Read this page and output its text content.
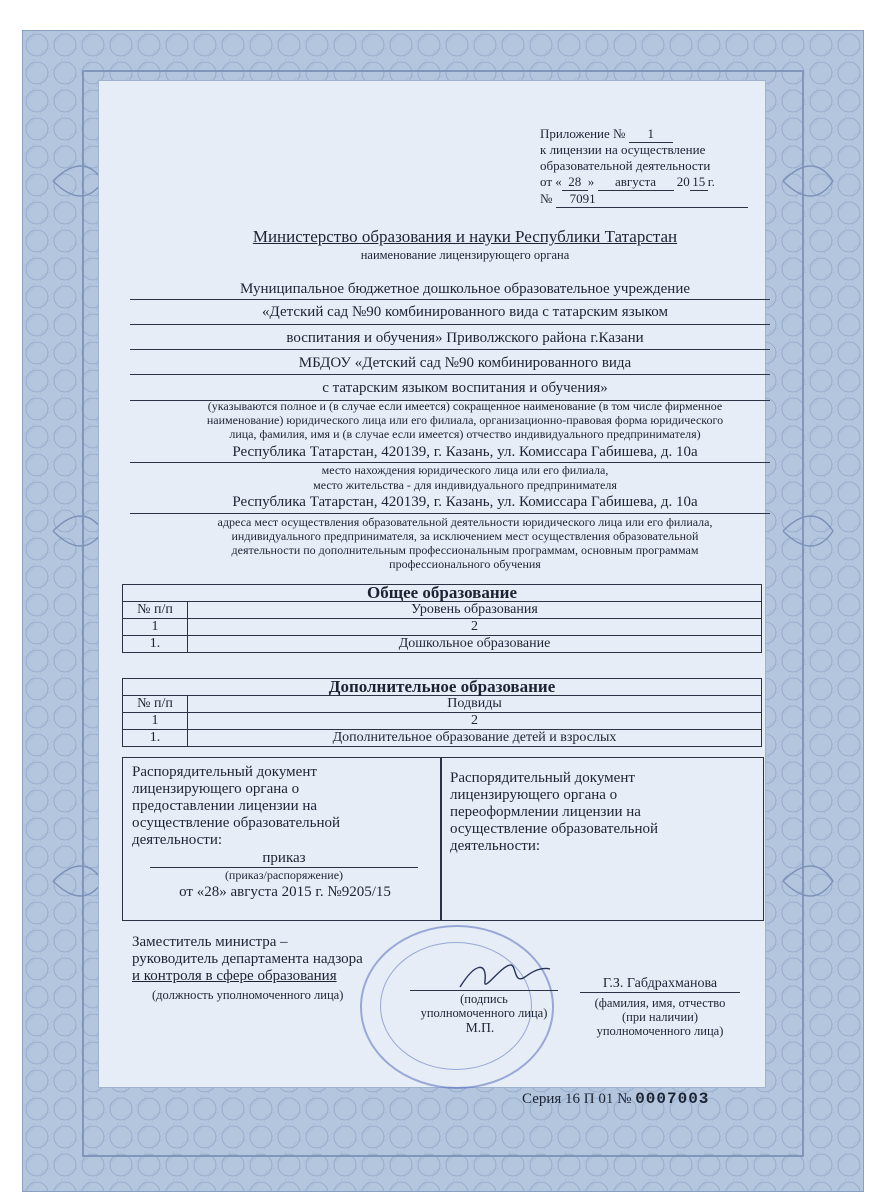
Приложение № 1
к лицензии на осуществление
образовательной деятельности
от « 28 » августа 20 15 г.
№ 7091
Министерство образования и науки Республики Татарстан
наименование лицензирующего органа
Муниципальное бюджетное дошкольное образовательное учреждение
«Детский сад №90 комбинированного вида с татарским языком
воспитания и обучения» Приволжского района г.Казани
МБДОУ «Детский сад №90 комбинированного вида
с татарским языком воспитания и обучения»
(указываются полное и (в случае если имеется) сокращенное наименование (в том числе фирменное
наименование) юридического лица или его филиала, организационно-правовая форма юридического
лица, фамилия, имя и (в случае если имеется) отчество индивидуального предпринимателя)
Республика Татарстан, 420139, г. Казань, ул. Комиссара Габишева, д. 10а
место нахождения юридического лица или его филиала,
место жительства - для индивидуального предпринимателя
Республика Татарстан, 420139, г. Казань, ул. Комиссара Габишева, д. 10а
адреса мест осуществления образовательной деятельности юридического лица или его филиала,
индивидуального предпринимателя, за исключением мест осуществления образовательной
деятельности по дополнительным профессиональным программам, основным программам
профессионального обучения
Общее образование	
№ п/п	Уровень образования
1	2
1.	Дошкольное образование
Дополнительное образование	
№ п/п	Подвиды
1	2
1.	Дополнительное образование детей и взрослых
Распорядительный документ
лицензирующего органа о
предоставлении лицензии на
осуществление образовательной
деятельности:
приказ
(приказ/распоряжение)
от «28» августа 2015 г. №9205/15
Распорядительный документ
лицензирующего органа о
переоформлении лицензии на
осуществление образовательной
деятельности:
Заместитель министра –
руководитель департамента надзора
и контроля в сфере образования
(должность уполномоченного лица)	(подпись
уполномоченного лица)
М.П.
Г.З. Габдрахманова
(фамилия, имя, отчество
(при наличии)
уполномоченного лица)
Серия 16 П 01 № 0007003
